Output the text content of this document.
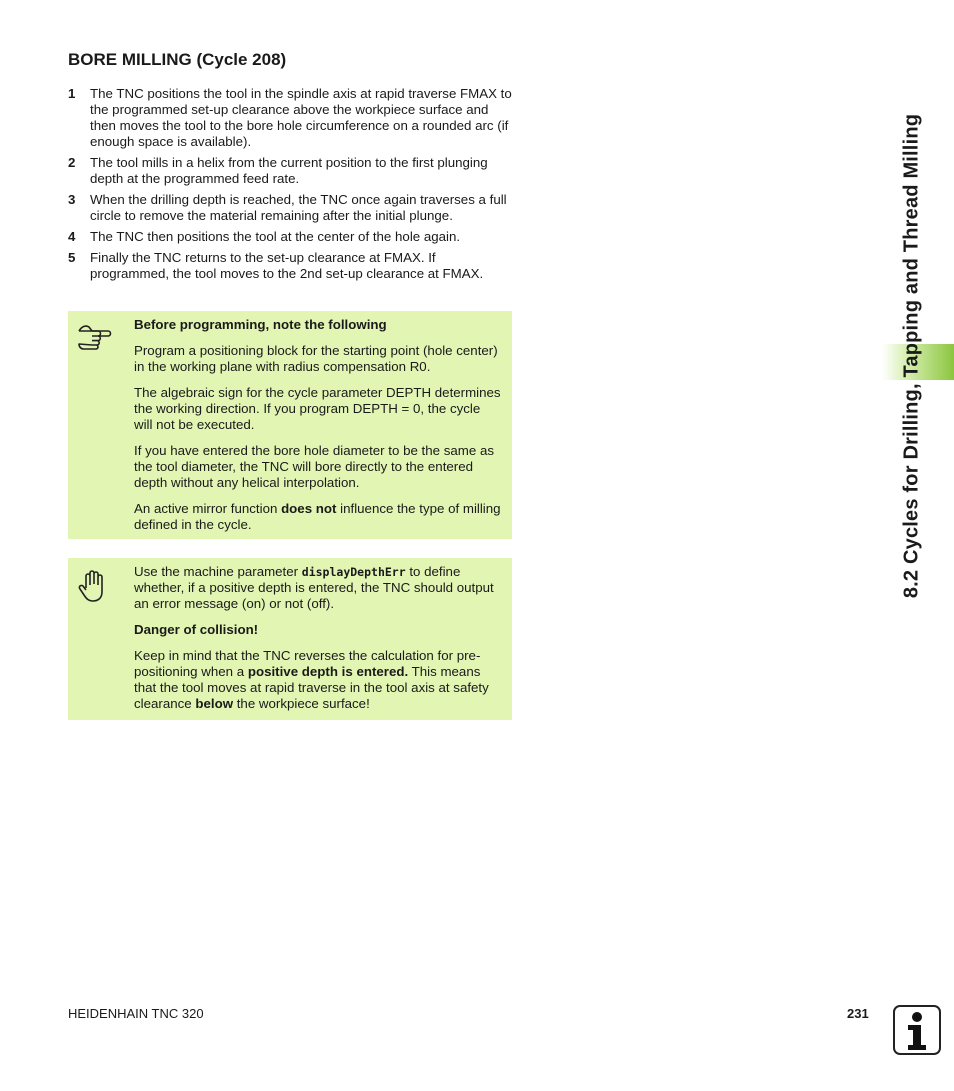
BORE MILLING (Cycle 208)
1 The TNC positions the tool in the spindle axis at rapid traverse FMAX to the programmed set-up clearance above the workpiece surface and then moves the tool to the bore hole circumference on a rounded arc (if enough space is available).
2 The tool mills in a helix from the current position to the first plunging depth at the programmed feed rate.
3 When the drilling depth is reached, the TNC once again traverses a full circle to remove the material remaining after the initial plunge.
4 The TNC then positions the tool at the center of the hole again.
5 Finally the TNC returns to the set-up clearance at FMAX. If programmed, the tool moves to the 2nd set-up clearance at FMAX.

Before programming, note the following

Program a positioning block for the starting point (hole center) in the working plane with radius compensation R0.

The algebraic sign for the cycle parameter DEPTH determines the working direction. If you program DEPTH = 0, the cycle will not be executed.

If you have entered the bore hole diameter to be the same as the tool diameter, the TNC will bore directly to the entered depth without any helical interpolation.

An active mirror function does not influence the type of milling defined in the cycle.

Use the machine parameter displayDepthErr to define whether, if a positive depth is entered, the TNC should output an error message (on) or not (off).

Danger of collision!

Keep in mind that the TNC reverses the calculation for pre-positioning when a positive depth is entered. This means that the tool moves at rapid traverse in the tool axis at safety clearance below the workpiece surface!

8.2 Cycles for Drilling, Tapping and Thread Milling
HEIDENHAIN TNC 320	231
